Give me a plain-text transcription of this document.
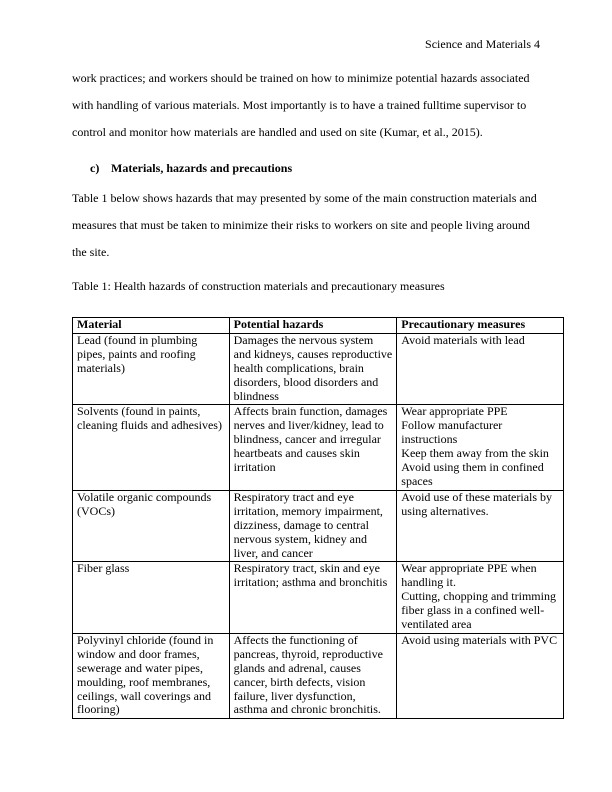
Science and Materials 4
work practices; and workers should be trained on how to minimize potential hazards associated with handling of various materials. Most importantly is to have a trained fulltime supervisor to control and monitor how materials are handled and used on site (Kumar, et al., 2015).
c) Materials, hazards and precautions
Table 1 below shows hazards that may presented by some of the main construction materials and measures that must be taken to minimize their risks to workers on site and people living around the site.
Table 1: Health hazards of construction materials and precautionary measures
Material	Potential hazards	Precautionary measures
Lead (found in plumbing pipes, paints and roofing materials)	Damages the nervous system and kidneys, causes reproductive health complications, brain disorders, blood disorders and blindness	Avoid materials with lead

Solvents (found in paints, cleaning fluids and adhesives)	Affects brain function, damages nerves and liver/kidney, lead to blindness, cancer and irregular heartbeats and causes skin irritation	Wear appropriate PPE
Follow manufacturer instructions
Keep them away from the skin
Avoid using them in confined spaces

Volatile organic compounds (VOCs)	Respiratory tract and eye irritation, memory impairment, dizziness, damage to central nervous system, kidney and liver, and cancer	Avoid use of these materials by using alternatives.

Fiber glass	Respiratory tract, skin and eye irritation; asthma and bronchitis	Wear appropriate PPE when handling it.
Cutting, chopping and trimming fiber glass in a confined well-ventilated area

Polyvinyl chloride (found in window and door frames, sewerage and water pipes, moulding, roof membranes, ceilings, wall coverings and flooring)	Affects the functioning of pancreas, thyroid, reproductive glands and adrenal, causes cancer, birth defects, vision failure, liver dysfunction, asthma and chronic bronchitis.	Avoid using materials with PVC
